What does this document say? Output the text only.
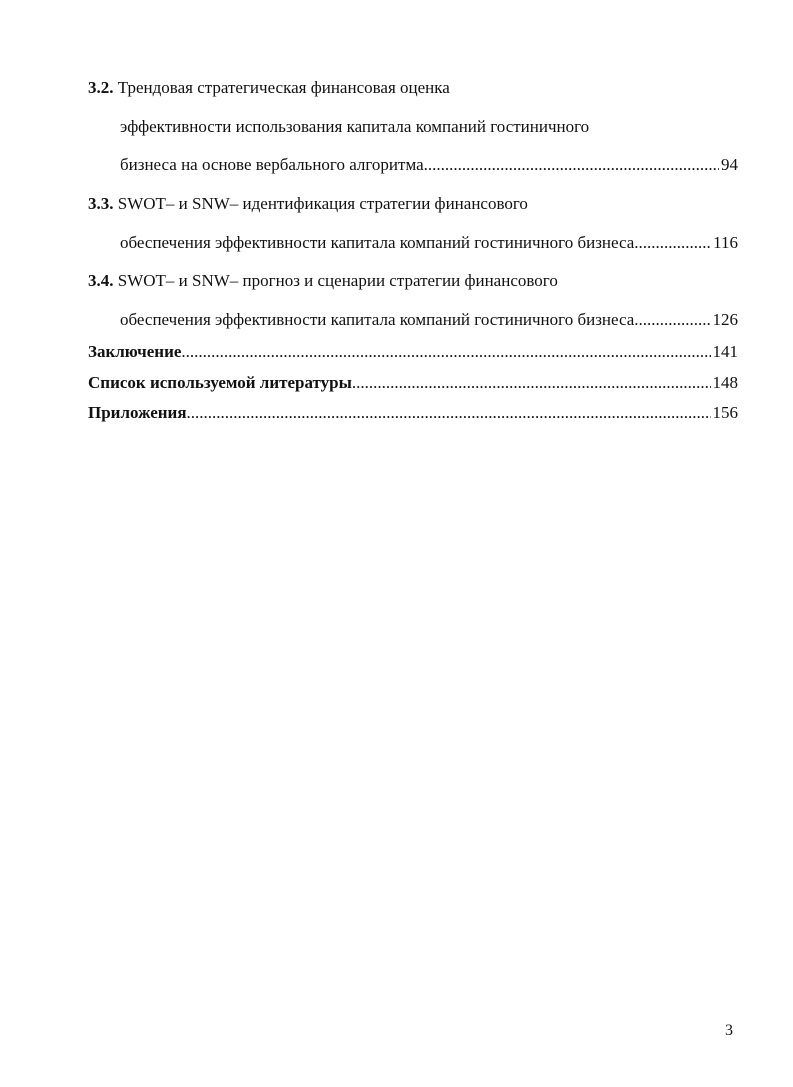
3.2. Трендовая стратегическая финансовая оценка
эффективности использования капитала компаний гостиничного
бизнеса на основе вербального алгоритма .....	94
3.3. SWOT– и SNW– идентификация стратегии финансового
обеспечения эффективности капитала компаний гостиничного бизнеса .....	116
3.4. SWOT– и SNW– прогноз и сценарии стратегии финансового
обеспечения эффективности капитала компаний гостиничного бизнеса .....	126
Заключение .....	141
Список используемой литературы .....	148
Приложения .....	156
3
